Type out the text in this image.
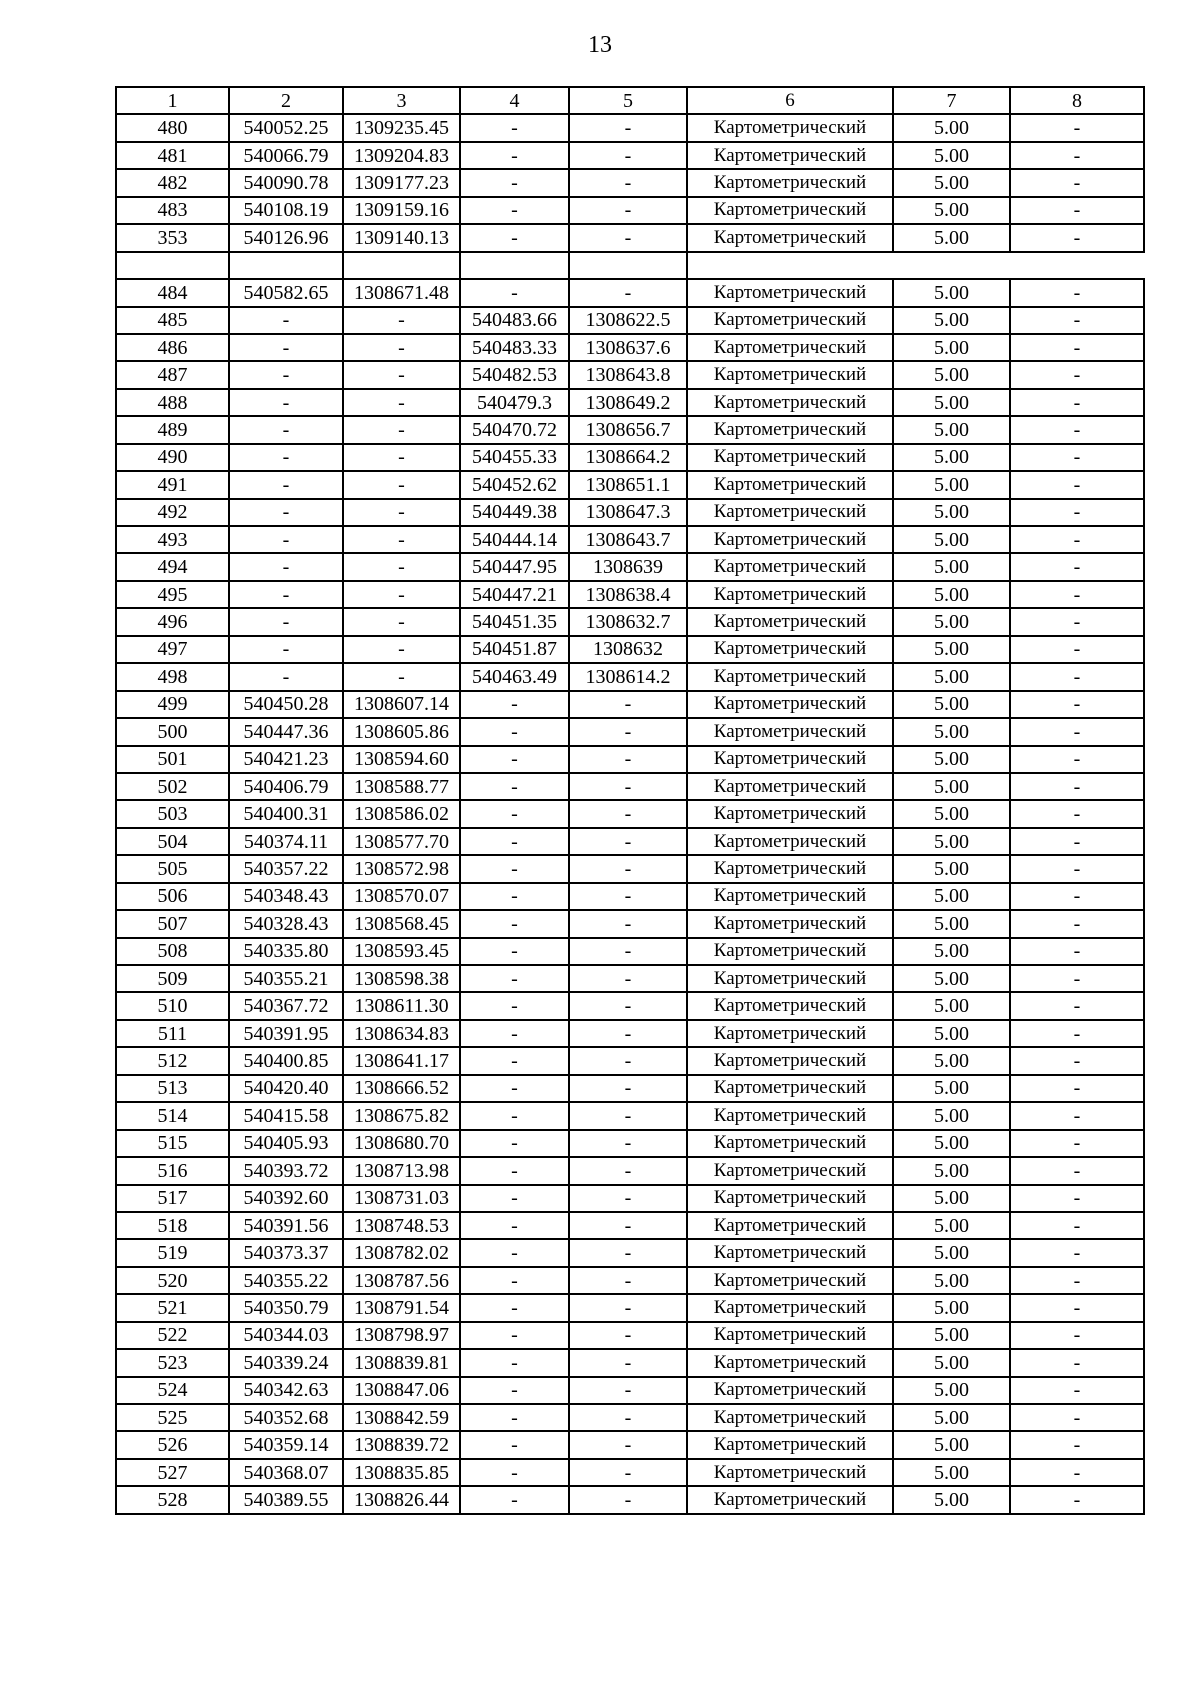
13
1	2	3	4	5	6	7	8
480	540052.25	1309235.45	-	-	Картометрический	5.00	-
481	540066.79	1309204.83	-	-	Картометрический	5.00	-
482	540090.78	1309177.23	-	-	Картометрический	5.00	-
483	540108.19	1309159.16	-	-	Картометрический	5.00	-
353	540126.96	1309140.13	-	-	Картометрический	5.00	-

484	540582.65	1308671.48	-	-	Картометрический	5.00	-
485	-	-	540483.66	1308622.5	Картометрический	5.00	-
486	-	-	540483.33	1308637.6	Картометрический	5.00	-
487	-	-	540482.53	1308643.8	Картометрический	5.00	-
488	-	-	540479.3	1308649.2	Картометрический	5.00	-
489	-	-	540470.72	1308656.7	Картометрический	5.00	-
490	-	-	540455.33	1308664.2	Картометрический	5.00	-
491	-	-	540452.62	1308651.1	Картометрический	5.00	-
492	-	-	540449.38	1308647.3	Картометрический	5.00	-
493	-	-	540444.14	1308643.7	Картометрический	5.00	-
494	-	-	540447.95	1308639	Картометрический	5.00	-
495	-	-	540447.21	1308638.4	Картометрический	5.00	-
496	-	-	540451.35	1308632.7	Картометрический	5.00	-
497	-	-	540451.87	1308632	Картометрический	5.00	-
498	-	-	540463.49	1308614.2	Картометрический	5.00	-
499	540450.28	1308607.14	-	-	Картометрический	5.00	-
500	540447.36	1308605.86	-	-	Картометрический	5.00	-
501	540421.23	1308594.60	-	-	Картометрический	5.00	-
502	540406.79	1308588.77	-	-	Картометрический	5.00	-
503	540400.31	1308586.02	-	-	Картометрический	5.00	-
504	540374.11	1308577.70	-	-	Картометрический	5.00	-
505	540357.22	1308572.98	-	-	Картометрический	5.00	-
506	540348.43	1308570.07	-	-	Картометрический	5.00	-
507	540328.43	1308568.45	-	-	Картометрический	5.00	-
508	540335.80	1308593.45	-	-	Картометрический	5.00	-
509	540355.21	1308598.38	-	-	Картометрический	5.00	-
510	540367.72	1308611.30	-	-	Картометрический	5.00	-
511	540391.95	1308634.83	-	-	Картометрический	5.00	-
512	540400.85	1308641.17	-	-	Картометрический	5.00	-
513	540420.40	1308666.52	-	-	Картометрический	5.00	-
514	540415.58	1308675.82	-	-	Картометрический	5.00	-
515	540405.93	1308680.70	-	-	Картометрический	5.00	-
516	540393.72	1308713.98	-	-	Картометрический	5.00	-
517	540392.60	1308731.03	-	-	Картометрический	5.00	-
518	540391.56	1308748.53	-	-	Картометрический	5.00	-
519	540373.37	1308782.02	-	-	Картометрический	5.00	-
520	540355.22	1308787.56	-	-	Картометрический	5.00	-
521	540350.79	1308791.54	-	-	Картометрический	5.00	-
522	540344.03	1308798.97	-	-	Картометрический	5.00	-
523	540339.24	1308839.81	-	-	Картометрический	5.00	-
524	540342.63	1308847.06	-	-	Картометрический	5.00	-
525	540352.68	1308842.59	-	-	Картометрический	5.00	-
526	540359.14	1308839.72	-	-	Картометрический	5.00	-
527	540368.07	1308835.85	-	-	Картометрический	5.00	-
528	540389.55	1308826.44	-	-	Картометрический	5.00	-
